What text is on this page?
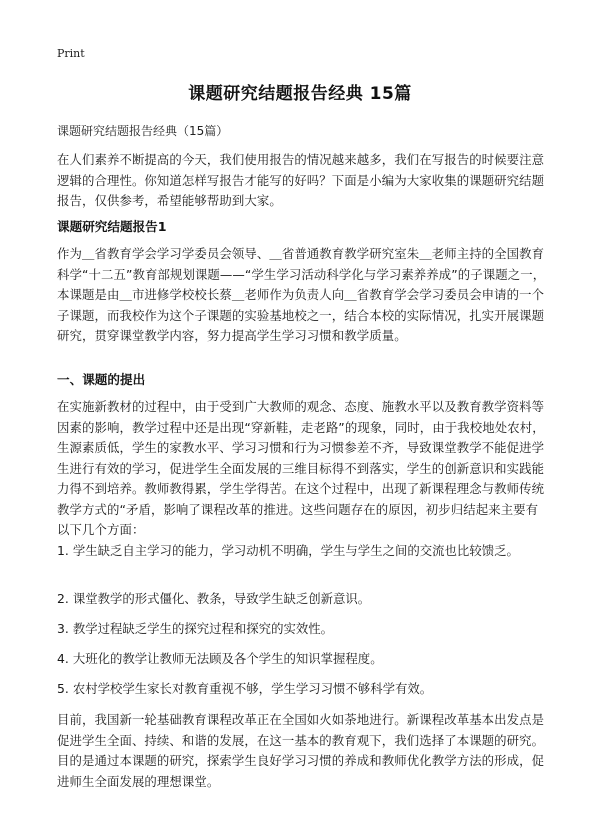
Print
课题研究结题报告经典 15篇
课题研究结题报告经典（15篇）

在人们素养不断提高的今天，我们使用报告的情况越来越多，我们在写报告的时候要注意逻辑的合理性。你知道怎样写报告才能写的好吗？下面是小编为大家收集的课题研究结题报告，仅供参考，希望能够帮助到大家。

课题研究结题报告1

作为＿省教育学会学习学委员会领导、＿省普通教育教学研究室朱＿老师主持的全国教育科学“十二五”教育部规划课题——“学生学习活动科学化与学习素养养成”的子课题之一，本课题是由＿市进修学校校长蔡＿老师作为负责人向＿省教育学会学习委员会申请的一个子课题，而我校作为这个子课题的实验基地校之一，结合本校的实际情况，扎实开展课题研究，贯穿课堂教学内容，努力提高学生学习习惯和教学质量。

一、课题的提出

在实施新教材的过程中，由于受到广大教师的观念、态度、施教水平以及教育教学资料等因素的影响，教学过程中还是出现“穿新鞋，走老路”的现象，同时，由于我校地处农村，生源素质低，学生的家教水平、学习习惯和行为习惯参差不齐，导致课堂教学不能促进学生进行有效的学习，促进学生全面发展的三维目标得不到落实，学生的创新意识和实践能力得不到培养。教师教得累，学生学得苦。在这个过程中，出现了新课程理念与教师传统教学方式的“矛盾，影响了课程改革的推进。这些问题存在的原因，初步归结起来主要有以下几个方面：

1. 学生缺乏自主学习的能力，学习动机不明确，学生与学生之间的交流也比较馈乏。

2. 课堂教学的形式僵化、教条，导致学生缺乏创新意识。

3. 教学过程缺乏学生的探究过程和探究的实效性。

4. 大班化的教学让教师无法顾及各个学生的知识掌握程度。

5. 农村学校学生家长对教育重视不够，学生学习习惯不够科学有效。

目前，我国新一轮基础教育课程改革正在全国如火如荼地进行。新课程改革基本出发点是促进学生全面、持续、和谐的发展，在这一基本的教育观下，我们选择了本课题的研究。目的是通过本课题的研究，探索学生良好学习习惯的养成和教师优化教学方法的形成，促进师生全面发展的理想课堂。
